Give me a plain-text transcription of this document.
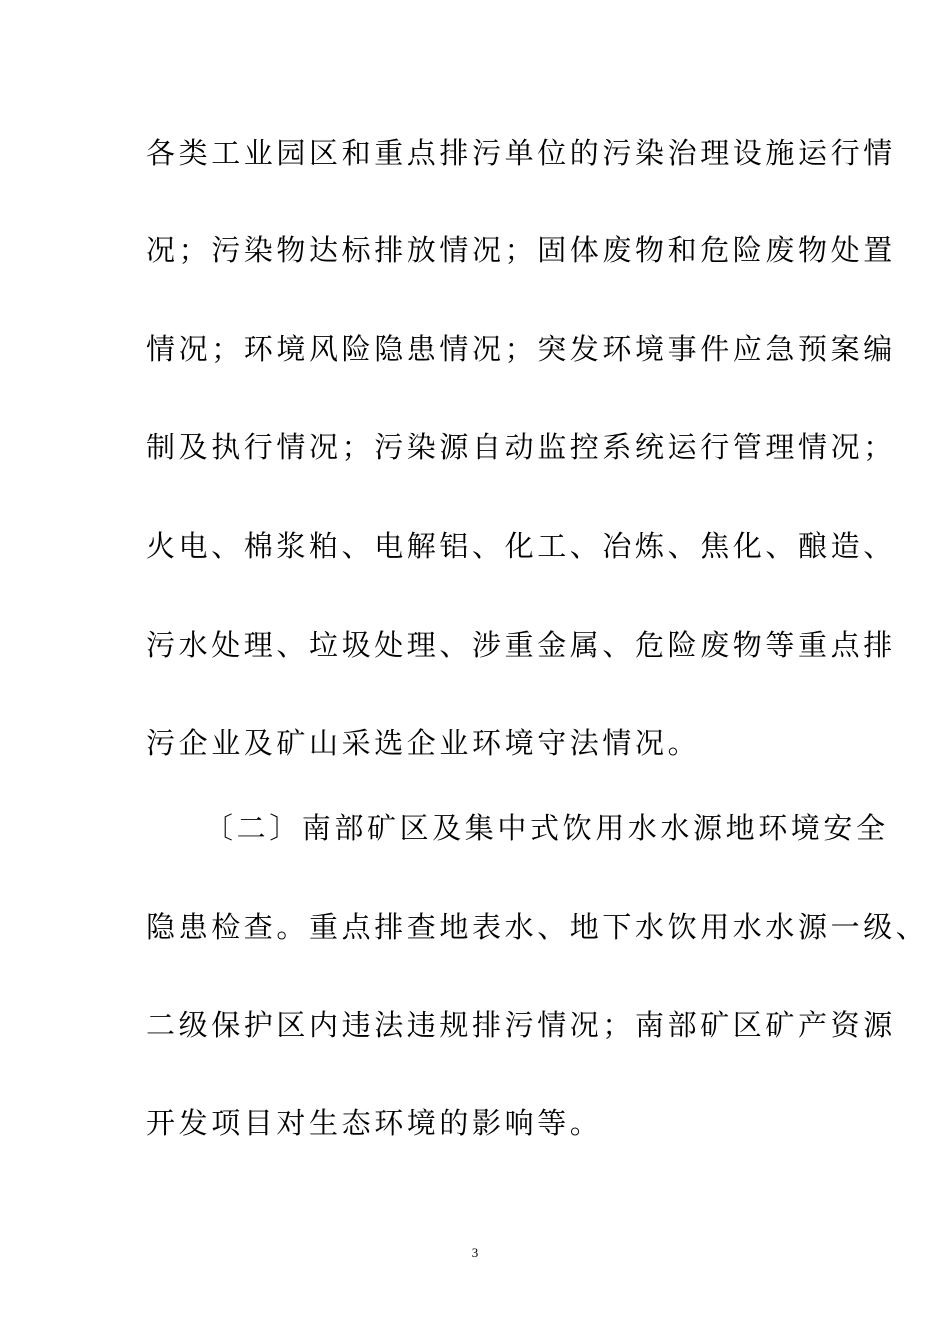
各类工业园区和重点排污单位的污染治理设施运行情
况；污染物达标排放情况；固体废物和危险废物处置
情况；环境风险隐患情况；突发环境事件应急预案编
制及执行情况；污染源自动监控系统运行管理情况；
火电、棉浆粕、电解铝、化工、冶炼、焦化、酿造、
污水处理、垃圾处理、涉重金属、危险废物等重点排
污企业及矿山采选企业环境守法情况。
〔二〕南部矿区及集中式饮用水水源地环境安全
隐患检查。重点排查地表水、地下水饮用水水源一级、
二级保护区内违法违规排污情况；南部矿区矿产资源
开发项目对生态环境的影响等。
3
